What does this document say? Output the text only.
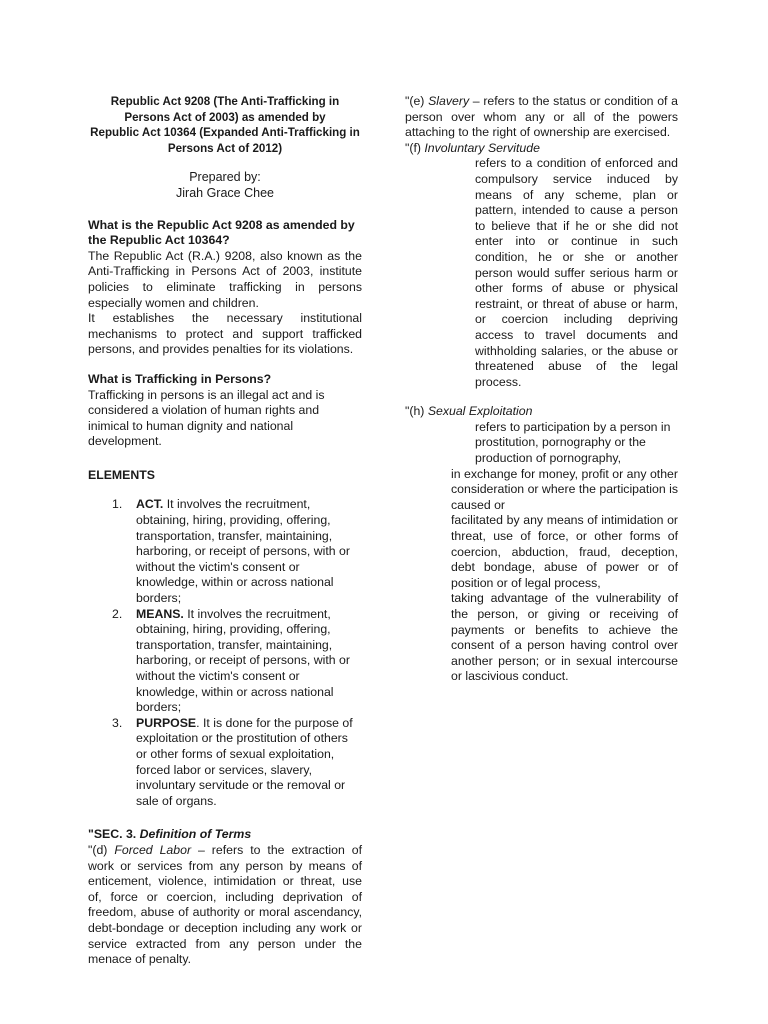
Republic Act 9208 (The Anti-Trafficking in Persons Act of 2003) as amended by
Republic Act 10364 (Expanded Anti-Trafficking in Persons Act of 2012)
Prepared by:
Jirah Grace Chee

What is the Republic Act 9208 as amended by the Republic Act 10364?

The Republic Act (R.A.) 9208, also known as the Anti-Trafficking in Persons Act of 2003, institute policies to eliminate trafficking in persons especially women and children.

It establishes the necessary institutional mechanisms to protect and support trafficked persons, and provides penalties for its violations.

What is Trafficking in Persons?

Trafficking in persons is an illegal act and is considered a violation of human rights and inimical to human dignity and national development.

ELEMENTS

1. ACT. It involves the recruitment, obtaining, hiring, providing, offering, transportation, transfer, maintaining, harboring, or receipt of persons, with or without the victim's consent or knowledge, within or across national borders;
2. MEANS. It involves the recruitment, obtaining, hiring, providing, offering, transportation, transfer, maintaining, harboring, or receipt of persons, with or without the victim's consent or knowledge, within or across national borders;
3. PURPOSE. It is done for the purpose of exploitation or the prostitution of others or other forms of sexual exploitation, forced labor or services, slavery, involuntary servitude or the removal or sale of organs.

"SEC. 3. Definition of Terms

"(d) Forced Labor – refers to the extraction of work or services from any person by means of enticement, violence, intimidation or threat, use of, force or coercion, including deprivation of freedom, abuse of authority or moral ascendancy, debt-bondage or deception including any work or service extracted from any person under the menace of penalty.

"(e) Slavery – refers to the status or condition of a person over whom any or all of the powers attaching to the right of ownership are exercised.

"(f) Involuntary Servitude

refers to a condition of enforced and compulsory service induced by means of any scheme, plan or pattern, intended to cause a person to believe that if he or she did not enter into or continue in such condition, he or she or another person would suffer serious harm or other forms of abuse or physical restraint, or threat of abuse or harm, or coercion including depriving access to travel documents and withholding salaries, or the abuse or threatened abuse of the legal process.

"(h) Sexual Exploitation

refers to participation by a person in prostitution, pornography or the production of pornography,

in exchange for money, profit or any other consideration or where the participation is caused or

facilitated by any means of intimidation or threat, use of force, or other forms of coercion, abduction, fraud, deception, debt bondage, abuse of power or of position or of legal process,

taking advantage of the vulnerability of the person, or giving or receiving of payments or benefits to achieve the consent of a person having control over another person; or in sexual intercourse or lascivious conduct.
